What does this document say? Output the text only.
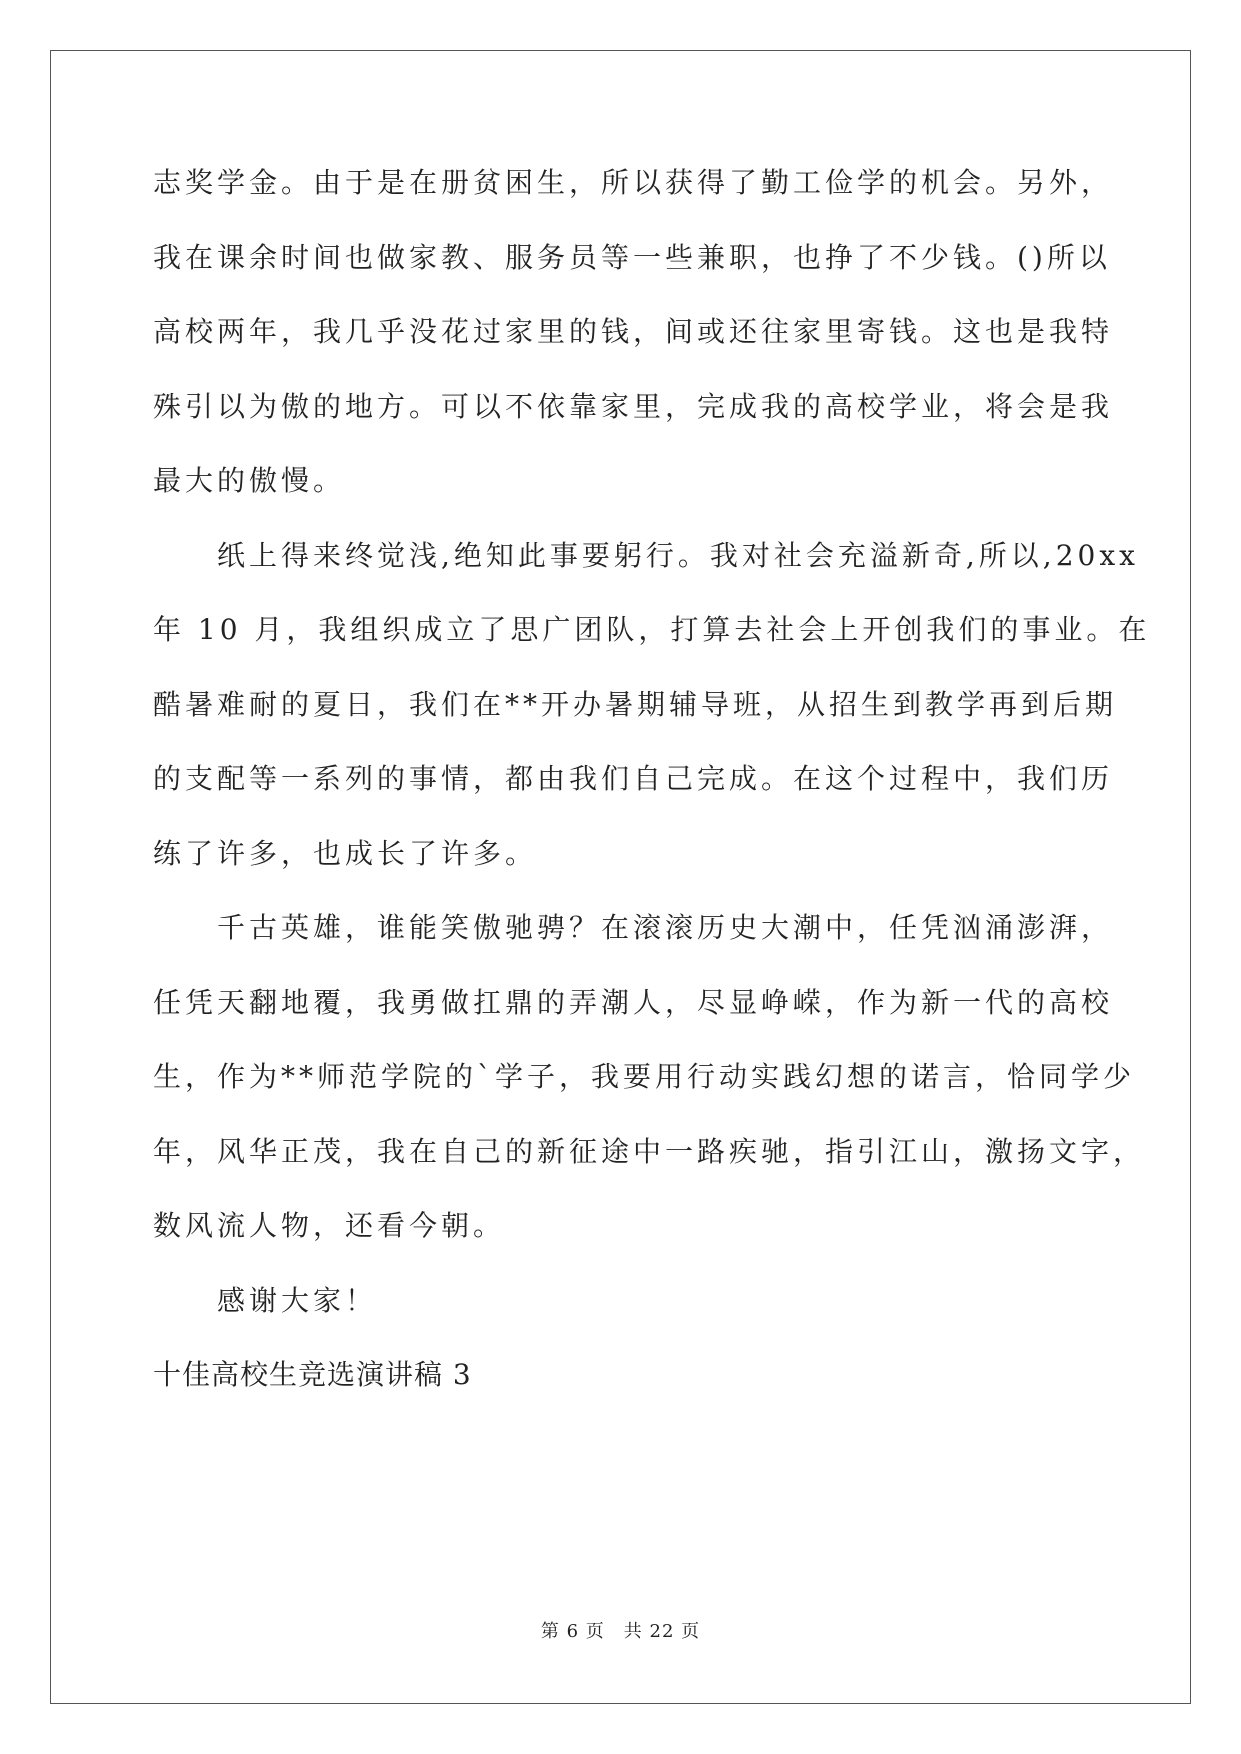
志奖学金。由于是在册贫困生，所以获得了勤工俭学的机会。另外，
我在课余时间也做家教、服务员等一些兼职，也挣了不少钱。()所以
高校两年，我几乎没花过家里的钱，间或还往家里寄钱。这也是我特
殊引以为傲的地方。可以不依靠家里，完成我的高校学业，将会是我
最大的傲慢。
纸上得来终觉浅,绝知此事要躬行。我对社会充溢新奇,所以,20xx
年 10 月，我组织成立了思广团队，打算去社会上开创我们的事业。在
酷暑难耐的夏日，我们在**开办暑期辅导班，从招生到教学再到后期
的支配等一系列的事情，都由我们自己完成。在这个过程中，我们历
练了许多，也成长了许多。
千古英雄，谁能笑傲驰骋？在滚滚历史大潮中，任凭汹涌澎湃，
任凭天翻地覆，我勇做扛鼎的弄潮人，尽显峥嵘，作为新一代的高校
生，作为**师范学院的`学子，我要用行动实践幻想的诺言，恰同学少
年，风华正茂，我在自己的新征途中一路疾驰，指引江山，激扬文字，
数风流人物，还看今朝。
感谢大家！
十佳高校生竞选演讲稿 3
第 6 页　共 22 页
